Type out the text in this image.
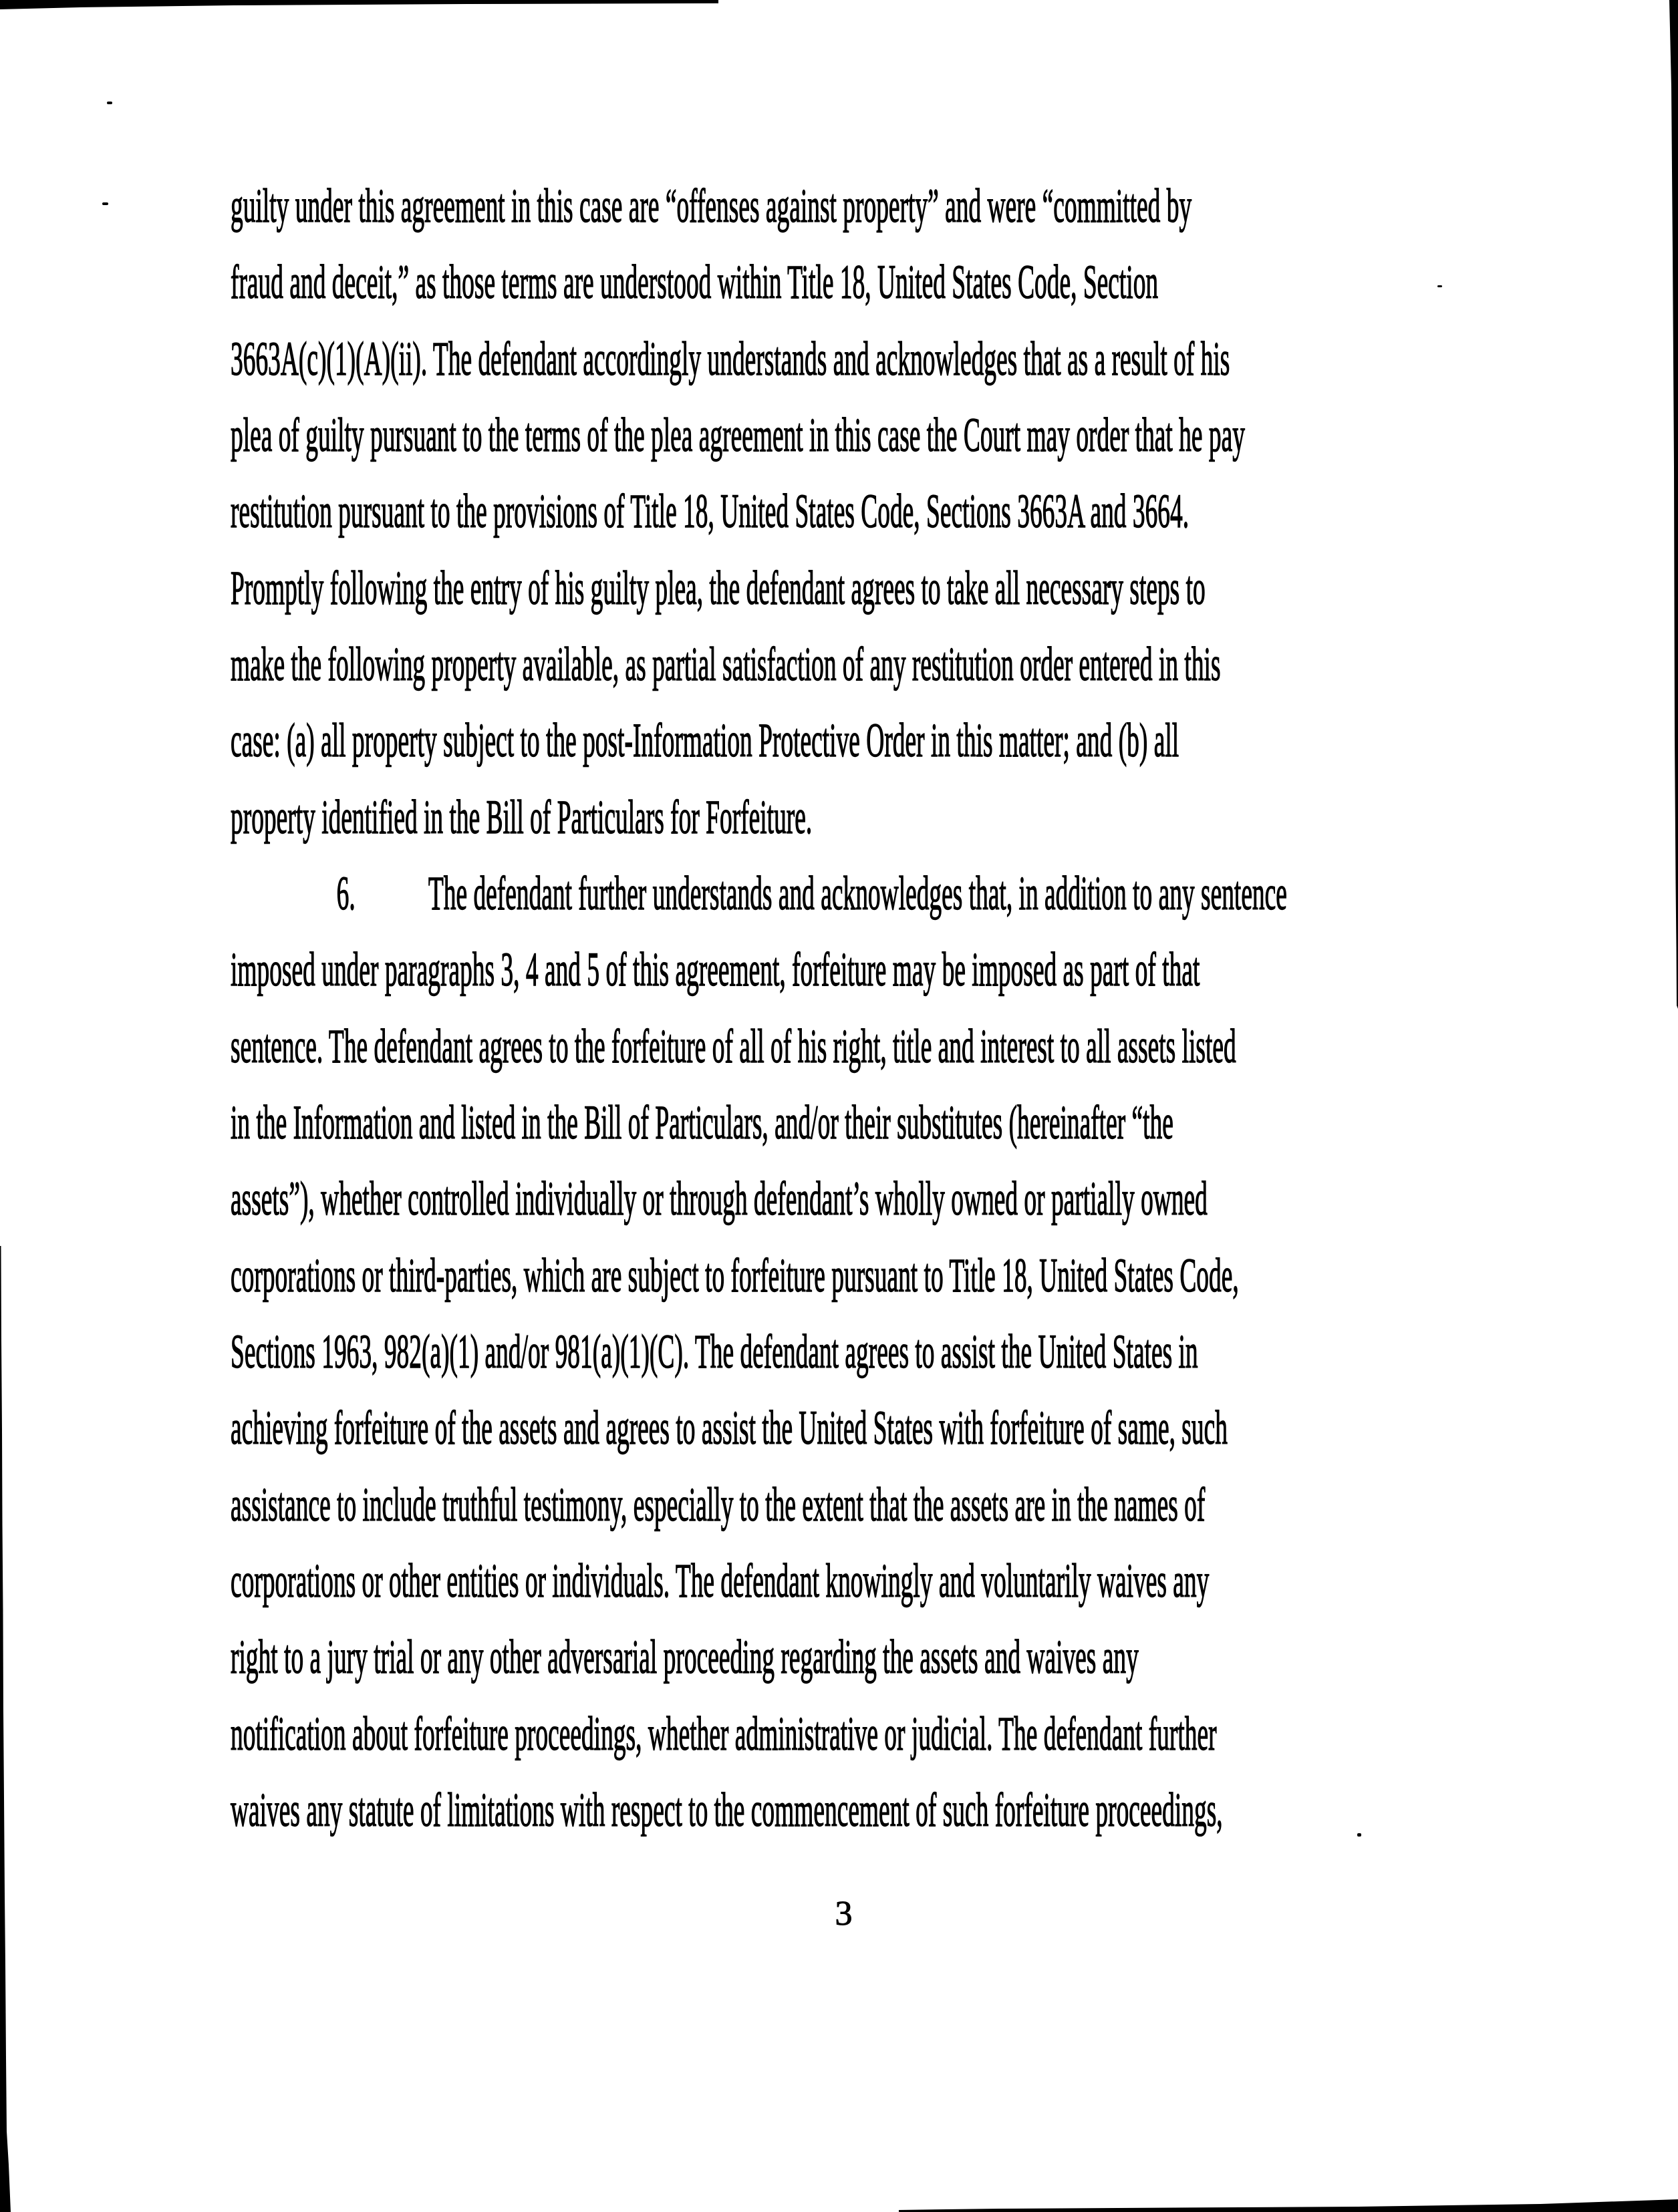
guilty under this agreement in this case are “offenses against property” and were “committed by
fraud and deceit,” as those terms are understood within Title 18, United States Code, Section
3663A(c)(1)(A)(ii). The defendant accordingly understands and acknowledges that as a result of his
plea of guilty pursuant to the terms of the plea agreement in this case the Court may order that he pay
restitution pursuant to the provisions of Title 18, United States Code, Sections 3663A and 3664.
Promptly following the entry of his guilty plea, the defendant agrees to take all necessary steps to
make the following property available, as partial satisfaction of any restitution order entered in this
case: (a) all property subject to the post-Information Protective Order in this matter; and (b) all
property identified in the Bill of Particulars for Forfeiture.
6. The defendant further understands and acknowledges that, in addition to any sentence
imposed under paragraphs 3, 4 and 5 of this agreement, forfeiture may be imposed as part of that
sentence. The defendant agrees to the forfeiture of all of his right, title and interest to all assets listed
in the Information and listed in the Bill of Particulars, and/or their substitutes (hereinafter “the
assets”), whether controlled individually or through defendant’s wholly owned or partially owned
corporations or third-parties, which are subject to forfeiture pursuant to Title 18, United States Code,
Sections 1963, 982(a)(1) and/or 981(a)(1)(C). The defendant agrees to assist the United States in
achieving forfeiture of the assets and agrees to assist the United States with forfeiture of same, such
assistance to include truthful testimony, especially to the extent that the assets are in the names of
corporations or other entities or individuals. The defendant knowingly and voluntarily waives any
right to a jury trial or any other adversarial proceeding regarding the assets and waives any
notification about forfeiture proceedings, whether administrative or judicial. The defendant further
waives any statute of limitations with respect to the commencement of such forfeiture proceedings,
3
